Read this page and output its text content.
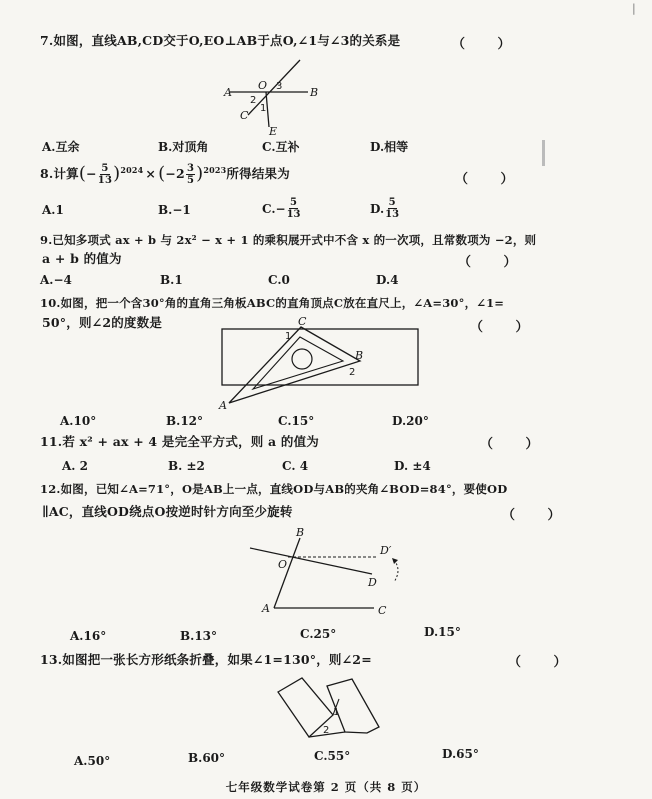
|
7.如图，直线AB,CD交于O,EO⊥AB于点O,∠1与∠3的关系是	（ ）
A	B
C
E
O 3
2
1
A.互余	B.对顶角	C.互补	D.相等
8.计算 ( − $\frac{5}{13}$ ) 2024 × ( − $2 \frac{3}{5}$ ) 2023 所得结果为	（ ）
A.1	B.−1	$C.- \frac{5}{13}$	D. $\frac{5}{13}$
9.已知多项式 ax + b 与 2x² − x + 1 的乘积展开式中不含 x 的一次项，且常数项为 −2，则
a + b 的值为	（ ）
A.−4	B.1	C.0	D.4
10.如图，把一个含30°角的直角三角板ABC的直角顶点C放在直尺上，∠A=30°，∠1=
50°，则∠2的度数是	（ ）
C
B
A
1
2
A.10°	B.12°	C.15°	D.20°
11.若 x² + ax + 4 是完全平方式，则 a 的值为	（ ）
A. 2	B. ±2	C. 4	D. ±4
12.如图，已知∠A=71°，O是AB上一点，直线OD与AB的夹角∠BOD=84°，要使OD
∥AC，直线OD绕点O按逆时针方向至少旋转	（ ）
B
O
A	C
D′
D
A.16°	B.13°	C.25°	D.15°
13.如图把一张长方形纸条折叠，如果∠1=130°，则∠2=	（ ）
1
2
A.50°	B.60°	C.55°	D.65°
七年级数学试卷第 2 页（共 8 页）
